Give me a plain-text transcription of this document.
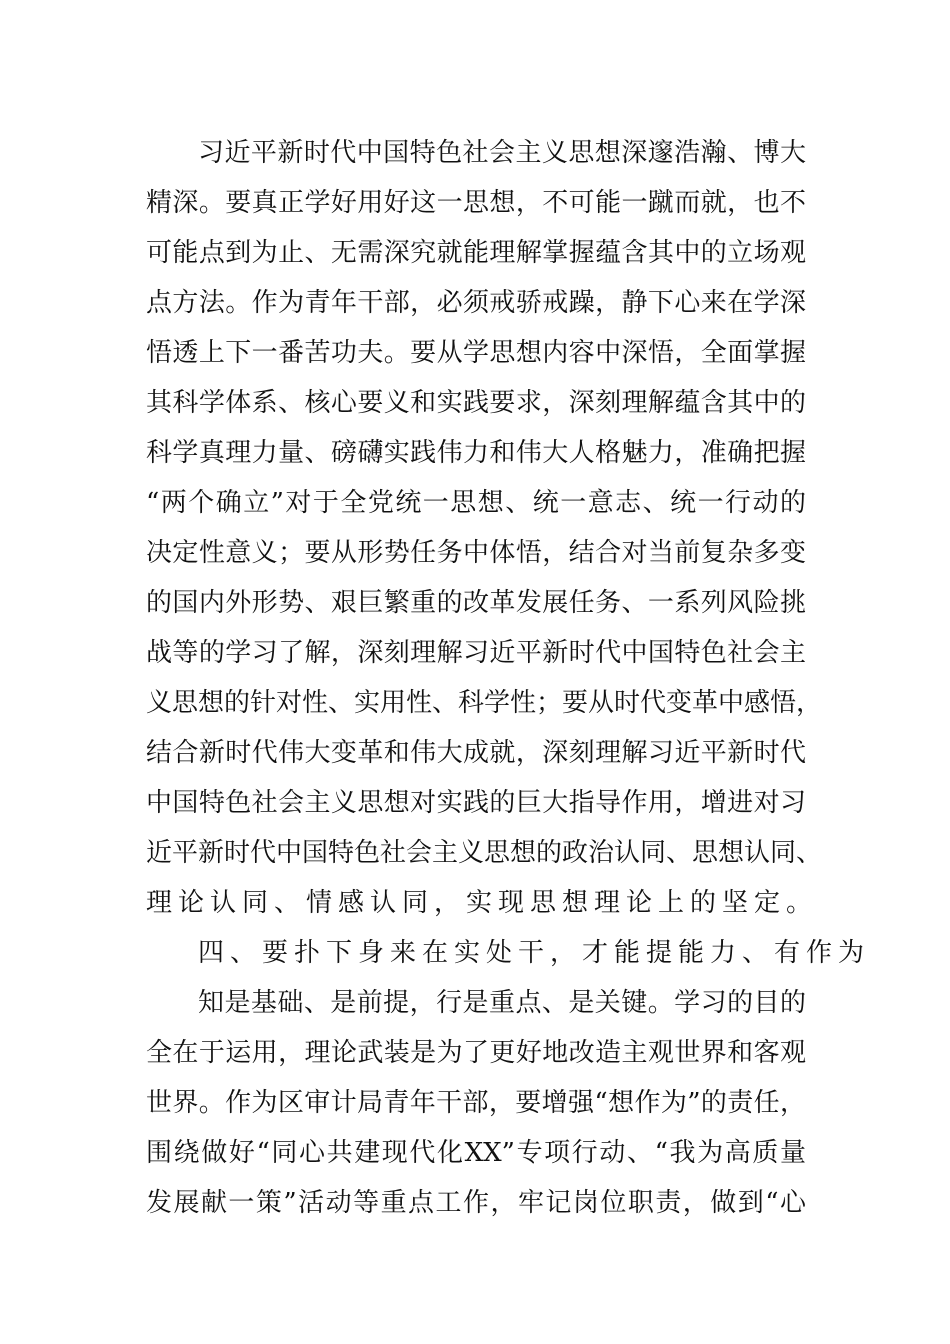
习近平新时代中国特色社会主义思想深邃浩瀚、博大
精深。要真正学好用好这一思想，不可能一蹴而就，也不
可能点到为止、无需深究就能理解掌握蕴含其中的立场观
点方法。作为青年干部，必须戒骄戒躁，静下心来在学深
悟透上下一番苦功夫。要从学思想内容中深悟，全面掌握
其科学体系、核心要义和实践要求，深刻理解蕴含其中的
科学真理力量、磅礴实践伟力和伟大人格魅力，准确把握
“两个确立”对于全党统一思想、统一意志、统一行动的
决定性意义；要从形势任务中体悟，结合对当前复杂多变
的国内外形势、艰巨繁重的改革发展任务、一系列风险挑
战等的学习了解，深刻理解习近平新时代中国特色社会主
义思想的针对性、实用性、科学性；要从时代变革中感悟，
结合新时代伟大变革和伟大成就，深刻理解习近平新时代
中国特色社会主义思想对实践的巨大指导作用，增进对习
近平新时代中国特色社会主义思想的政治认同、思想认同、
理论认同、情感认同，实现思想理论上的坚定。
四、要扑下身来在实处干，才能提能力、有作为
知是基础、是前提，行是重点、是关键。学习的目的
全在于运用，理论武装是为了更好地改造主观世界和客观
世界。作为区审计局青年干部，要增强“想作为”的责任，
围绕做好“同心共建现代化XX”专项行动、“我为高质量
发展献一策”活动等重点工作，牢记岗位职责，做到“心
